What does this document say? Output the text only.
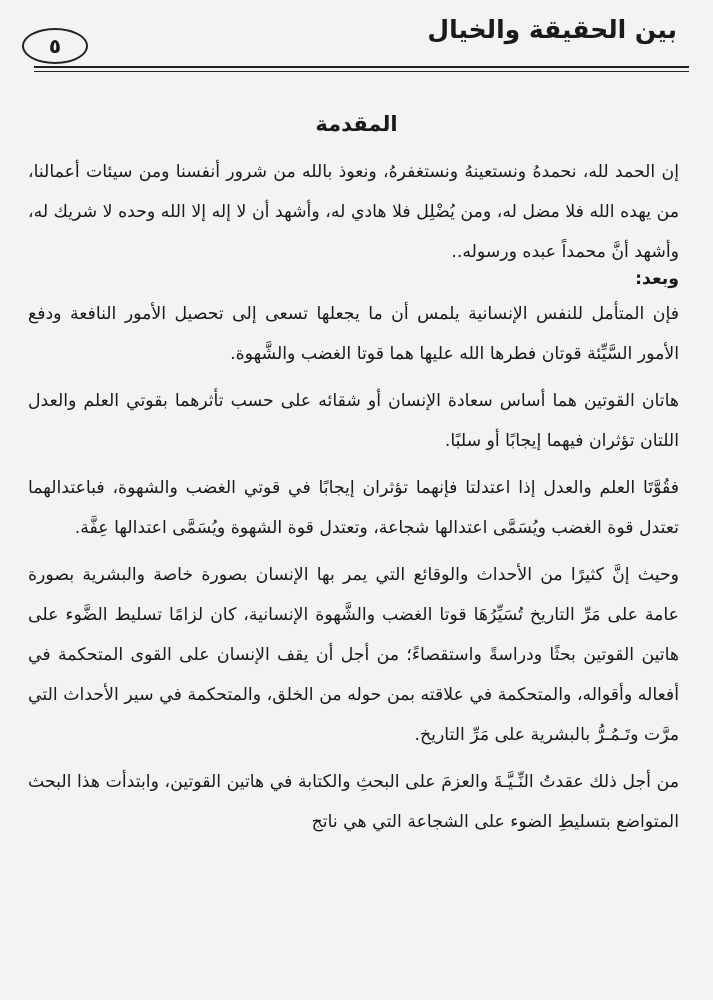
بين الحقيقة والخيال
٥
المقدمة

إن الحمد لله، نحمدهُ ونستعينهُ ونستغفرهُ، ونعوذ بالله من شرور أنفسنا ومن سيئات أعمالنا، من يهده الله فلا مضل له، ومن يُضْلِل فلا هادي له، وأشهد أن لا إله إلا الله وحده لا شريك له، وأشهد أنَّ محمداً عبده ورسوله..

وبعد:

فإن المتأمل للنفس الإنسانية يلمس أن ما يجعلها تسعى إلى تحصيل الأمور النافعة ودفع الأمور السَّيِّئة قوتان فطرها الله عليها هما قوتا الغضب والشَّهوة.

هاتان القوتين هما أساس سعادة الإنسان أو شقائه على حسب تأثرهما بقوتي العلم والعدل اللتان تؤثران فيهما إيجابًا أو سلبًا.

فقُوَّتَا العلم والعدل إذا اعتدلتا فإنهما تؤثران إيجابًا في قوتي الغضب والشهوة، فباعتدالهما تعتدل قوة الغضب ويُسَمَّى اعتدالها شجاعة، وتعتدل قوة الشهوة ويُسَمَّى اعتدالها عِفَّة.

وحيث إنَّ كثيرًا من الأحداث والوقائع التي يمر بها الإنسان بصورة خاصة والبشرية بصورة عامة على مَرِّ التاريخ تُسَيِّرُهَا قوتا الغضب والشَّهوة الإنسانية، كان لزامًا تسليط الضَّوء على هاتين القوتين بحثًا ودراسةً واستقصاءً؛ من أجل أن يقف الإنسان على القوى المتحكمة في أفعاله وأقواله، والمتحكمة في علاقته بمن حوله من الخلق، والمتحكمة في سير الأحداث التي مرَّت وتَـمُـرُّ بالبشرية على مَرِّ التاريخ.

من أجل ذلك عقدتُ النِّـيَّـةَ والعزمَ على البحثِ والكتابة في هاتين القوتين، وابتدأت هذا البحث المتواضع بتسليطِ الضوء على الشجاعة التي هي ناتج
